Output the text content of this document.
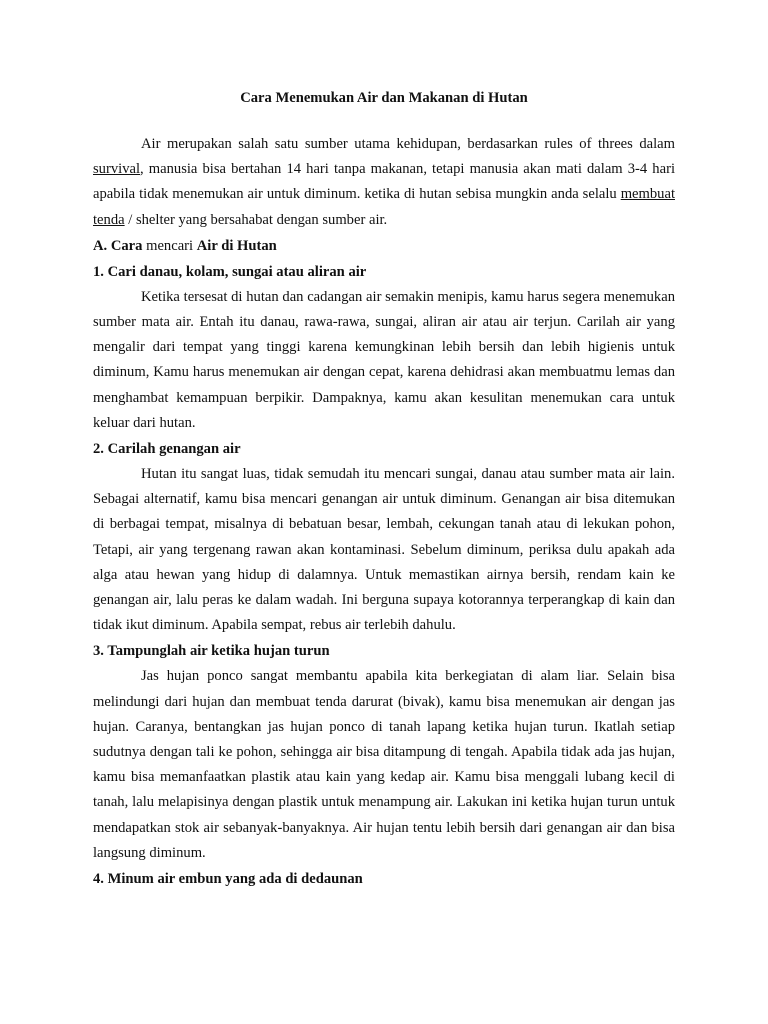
Cara Menemukan Air dan Makanan di Hutan

Air merupakan salah satu sumber utama kehidupan, berdasarkan rules of threes dalam survival, manusia bisa bertahan 14 hari tanpa makanan, tetapi manusia akan mati dalam 3-4 hari apabila tidak menemukan air untuk diminum. ketika di hutan sebisa mungkin anda selalu membuat tenda / shelter yang bersahabat dengan sumber air.

A. Cara mencari Air di Hutan

1. Cari danau, kolam, sungai atau aliran air

Ketika tersesat di hutan dan cadangan air semakin menipis, kamu harus segera menemukan sumber mata air. Entah itu danau, rawa-rawa, sungai, aliran air atau air terjun. Carilah air yang mengalir dari tempat yang tinggi karena kemungkinan lebih bersih dan lebih higienis untuk diminum, Kamu harus menemukan air dengan cepat, karena dehidrasi akan membuatmu lemas dan menghambat kemampuan berpikir. Dampaknya, kamu akan kesulitan menemukan cara untuk keluar dari hutan.

2. Carilah genangan air

Hutan itu sangat luas, tidak semudah itu mencari sungai, danau atau sumber mata air lain. Sebagai alternatif, kamu bisa mencari genangan air untuk diminum. Genangan air bisa ditemukan di berbagai tempat, misalnya di bebatuan besar, lembah, cekungan tanah atau di lekukan pohon, Tetapi, air yang tergenang rawan akan kontaminasi. Sebelum diminum, periksa dulu apakah ada alga atau hewan yang hidup di dalamnya. Untuk memastikan airnya bersih, rendam kain ke genangan air, lalu peras ke dalam wadah. Ini berguna supaya kotorannya terperangkap di kain dan tidak ikut diminum. Apabila sempat, rebus air terlebih dahulu.

3. Tampunglah air ketika hujan turun

Jas hujan ponco sangat membantu apabila kita berkegiatan di alam liar. Selain bisa melindungi dari hujan dan membuat tenda darurat (bivak), kamu bisa menemukan air dengan jas hujan. Caranya, bentangkan jas hujan ponco di tanah lapang ketika hujan turun. Ikatlah setiap sudutnya dengan tali ke pohon, sehingga air bisa ditampung di tengah. Apabila tidak ada jas hujan, kamu bisa memanfaatkan plastik atau kain yang kedap air. Kamu bisa menggali lubang kecil di tanah, lalu melapisinya dengan plastik untuk menampung air. Lakukan ini ketika hujan turun untuk mendapatkan stok air sebanyak-banyaknya. Air hujan tentu lebih bersih dari genangan air dan bisa langsung diminum.

4. Minum air embun yang ada di dedaunan
